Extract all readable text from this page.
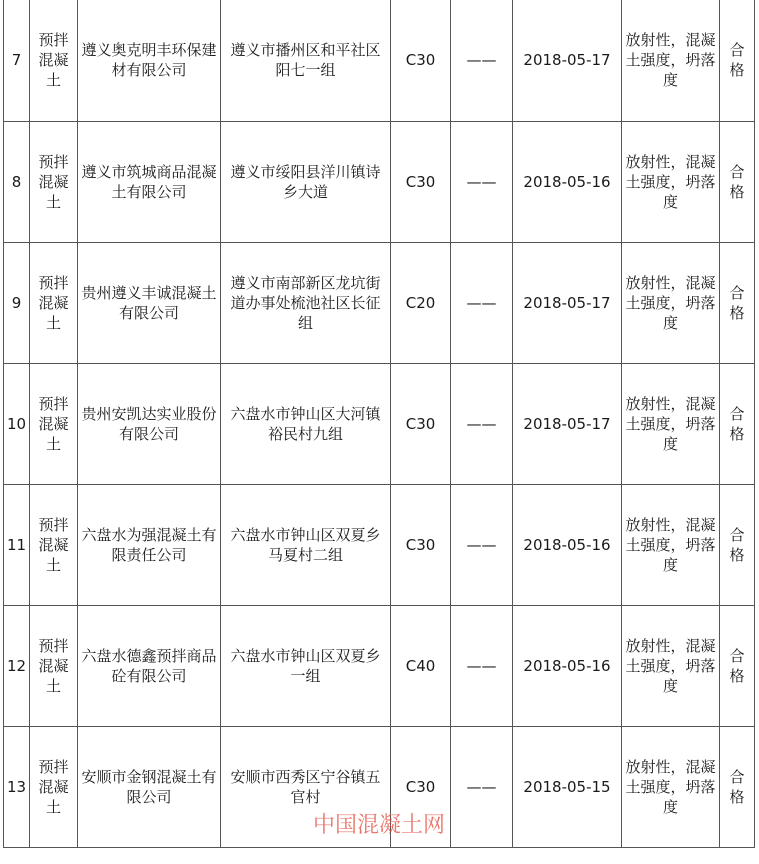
7	预拌混凝土	遵义奥克明丰环保建材有限公司	遵义市播州区和平社区阳七一组	C30	——	2018-05-17	放射性，混凝土强度，坍落度	合格
8	预拌混凝土	遵义市筑城商品混凝土有限公司	遵义市绥阳县洋川镇诗乡大道	C30	——	2018-05-16	放射性，混凝土强度，坍落度	合格
9	预拌混凝土	贵州遵义丰诚混凝土有限公司	遵义市南部新区龙坑街道办事处梳池社区长征组	C20	——	2018-05-17	放射性，混凝土强度，坍落度	合格
10	预拌混凝土	贵州安凯达实业股份有限公司	六盘水市钟山区大河镇裕民村九组	C30	——	2018-05-17	放射性，混凝土强度，坍落度	合格
11	预拌混凝土	六盘水为强混凝土有限责任公司	六盘水市钟山区双夏乡马夏村二组	C30	——	2018-05-16	放射性，混凝土强度，坍落度	合格
12	预拌混凝土	六盘水德鑫预拌商品砼有限公司	六盘水市钟山区双夏乡一组	C40	——	2018-05-16	放射性，混凝土强度，坍落度	合格
13	预拌混凝土	安顺市金钢混凝土有限公司	安顺市西秀区宁谷镇五官村	C30	——	2018-05-15	放射性，混凝土强度，坍落度	合格
中国混凝土网
